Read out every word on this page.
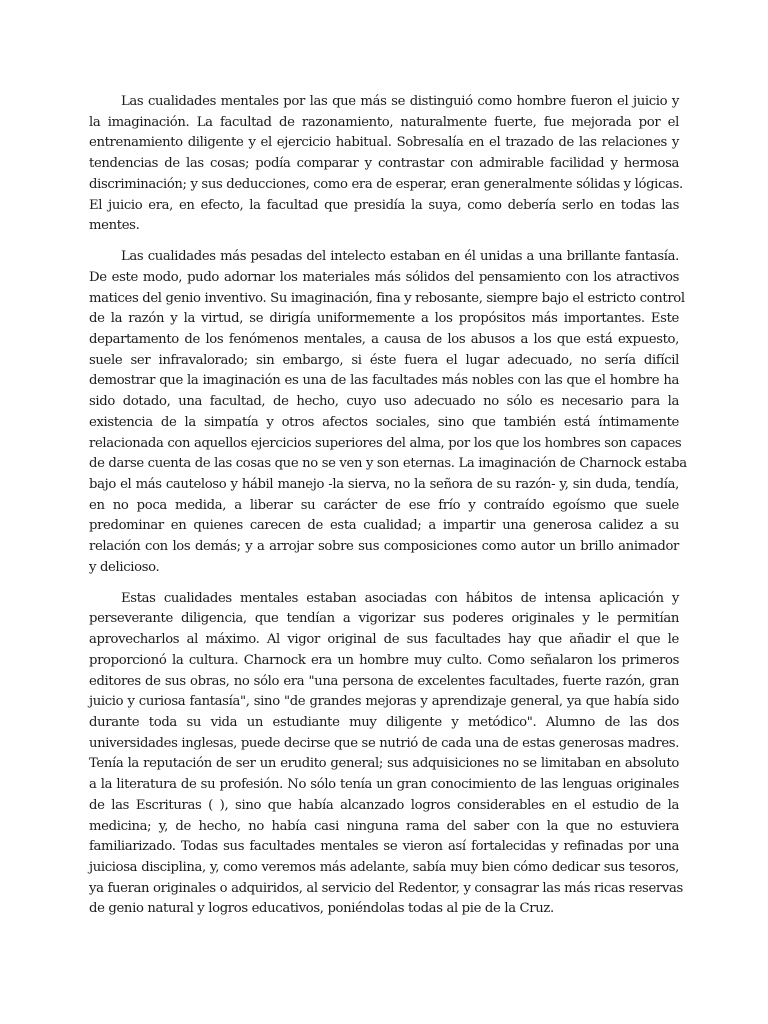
Las cualidades mentales por las que más se distinguió como hombre fueron el juicio y
la imaginación. La facultad de razonamiento, naturalmente fuerte, fue mejorada por el
entrenamiento diligente y el ejercicio habitual. Sobresalía en el trazado de las relaciones y
tendencias de las cosas; podía comparar y contrastar con admirable facilidad y hermosa
discriminación; y sus deducciones, como era de esperar, eran generalmente sólidas y lógicas.
El juicio era, en efecto, la facultad que presidía la suya, como debería serlo en todas las
mentes.

Las cualidades más pesadas del intelecto estaban en él unidas a una brillante fantasía.
De este modo, pudo adornar los materiales más sólidos del pensamiento con los atractivos
matices del genio inventivo. Su imaginación, fina y rebosante, siempre bajo el estricto control
de la razón y la virtud, se dirigía uniformemente a los propósitos más importantes. Este
departamento de los fenómenos mentales, a causa de los abusos a los que está expuesto,
suele ser infravalorado; sin embargo, si éste fuera el lugar adecuado, no sería difícil
demostrar que la imaginación es una de las facultades más nobles con las que el hombre ha
sido dotado, una facultad, de hecho, cuyo uso adecuado no sólo es necesario para la
existencia de la simpatía y otros afectos sociales, sino que también está íntimamente
relacionada con aquellos ejercicios superiores del alma, por los que los hombres son capaces
de darse cuenta de las cosas que no se ven y son eternas. La imaginación de Charnock estaba
bajo el más cauteloso y hábil manejo -la sierva, no la señora de su razón- y, sin duda, tendía,
en no poca medida, a liberar su carácter de ese frío y contraído egoísmo que suele
predominar en quienes carecen de esta cualidad; a impartir una generosa calidez a su
relación con los demás; y a arrojar sobre sus composiciones como autor un brillo animador
y delicioso.

Estas cualidades mentales estaban asociadas con hábitos de intensa aplicación y
perseverante diligencia, que tendían a vigorizar sus poderes originales y le permitían
aprovecharlos al máximo. Al vigor original de sus facultades hay que añadir el que le
proporcionó la cultura. Charnock era un hombre muy culto. Como señalaron los primeros
editores de sus obras, no sólo era "una persona de excelentes facultades, fuerte razón, gran
juicio y curiosa fantasía", sino "de grandes mejoras y aprendizaje general, ya que había sido
durante toda su vida un estudiante muy diligente y metódico". Alumno de las dos
universidades inglesas, puede decirse que se nutrió de cada una de estas generosas madres.
Tenía la reputación de ser un erudito general; sus adquisiciones no se limitaban en absoluto
a la literatura de su profesión. No sólo tenía un gran conocimiento de las lenguas originales
de las Escrituras ( ), sino que había alcanzado logros considerables en el estudio de la
medicina; y, de hecho, no había casi ninguna rama del saber con la que no estuviera
familiarizado. Todas sus facultades mentales se vieron así fortalecidas y refinadas por una
juiciosa disciplina, y, como veremos más adelante, sabía muy bien cómo dedicar sus tesoros,
ya fueran originales o adquiridos, al servicio del Redentor, y consagrar las más ricas reservas
de genio natural y logros educativos, poniéndolas todas al pie de la Cruz.
